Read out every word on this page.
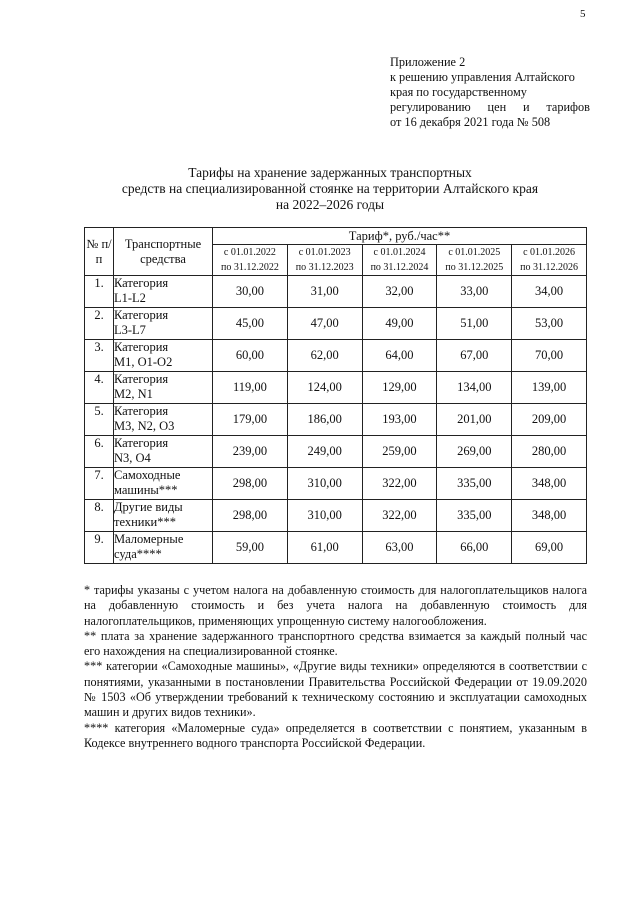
5
Приложение 2
к решению управления Алтайского
края по государственному
регулированию цен и тарифов
от 16 декабря 2021 года № 508
Тарифы на хранение задержанных транспортных
средств на специализированной стоянке на территории Алтайского края
на 2022–2026 годы
№ п/п	Транспортные средства	Тариф*, руб./час**				

		с 01.01.2022
по 31.12.2022	с 01.01.2023
по 31.12.2023	с 01.01.2024
по 31.12.2024	с 01.01.2025
по 31.12.2025	с 01.01.2026
по 31.12.2026

1.	Категория
L1-L2	30,00	31,00	32,00	33,00	34,00
2.	Категория
L3-L7	45,00	47,00	49,00	51,00	53,00
3.	Категория
M1, O1-O2	60,00	62,00	64,00	67,00	70,00
4.	Категория
M2, N1	119,00	124,00	129,00	134,00	139,00
5.	Категория
M3, N2, O3	179,00	186,00	193,00	201,00	209,00
6.	Категория
N3, O4	239,00	249,00	259,00	269,00	280,00
7.	Самоходные
машины***	298,00	310,00	322,00	335,00	348,00
8.	Другие виды
техники***	298,00	310,00	322,00	335,00	348,00
9.	Маломерные
суда****	59,00	61,00	63,00	66,00	69,00

* тарифы указаны с учетом налога на добавленную стоимость для налогоплательщиков налога на добавленную стоимость и без учета налога на добавленную стоимость для налогоплательщиков, применяющих упрощенную систему налогообложения.

** плата за хранение задержанного транспортного средства взимается за каждый полный час его нахождения на специализированной стоянке.

*** категории «Самоходные машины», «Другие виды техники» определяются в соответствии с понятиями, указанными в постановлении Правительства Российской Федерации от 19.09.2020 № 1503 «Об утверждении требований к техническому состоянию и эксплуатации самоходных машин и других видов техники».

**** категория «Маломерные суда» определяется в соответствии с понятием, указанным в Кодексе внутреннего водного транспорта Российской Федерации.
